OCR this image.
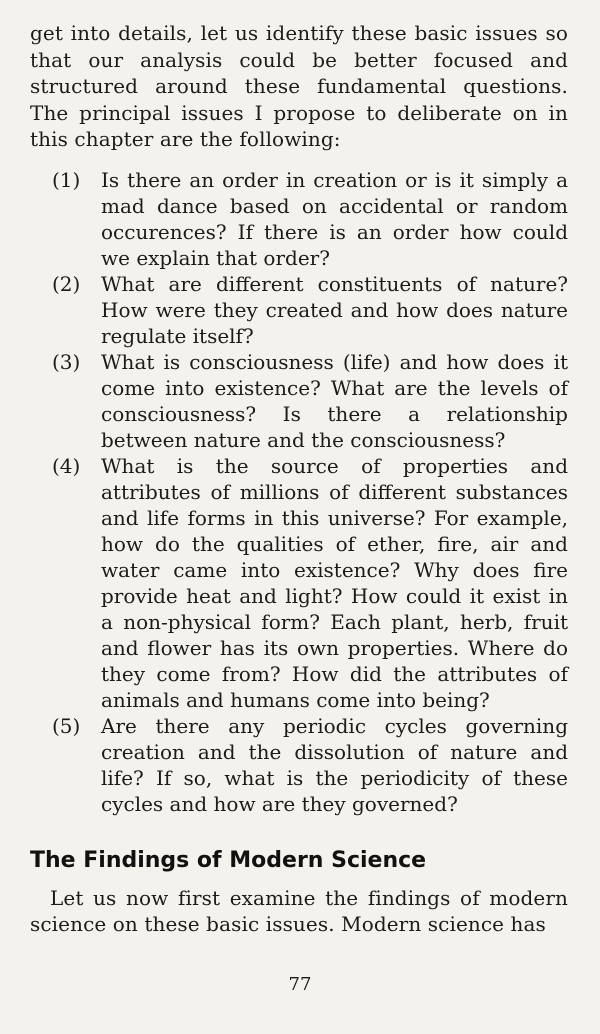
get into details, let us identify these basic issues so that our analysis could be better focused and structured around these fundamental questions. The principal issues I propose to deliberate on in this chapter are the following:

(1)	Is there an order in creation or is it simply a mad dance based on accidental or random occurences? If there is an order how could we explain that order?
(2)	What are different constituents of nature? How were they created and how does nature regulate itself?
(3)	What is consciousness (life) and how does it come into existence? What are the levels of consciousness? Is there a relationship between nature and the consciousness?
(4)	What is the source of properties and attributes of millions of different substances and life forms in this universe? For example, how do the qualities of ether, fire, air and water came into existence? Why does fire provide heat and light? How could it exist in a non-physical form? Each plant, herb, fruit and flower has its own properties. Where do they come from? How did the attributes of animals and humans come into being?
(5)	Are there any periodic cycles governing creation and the dissolution of nature and life? If so, what is the periodicity of these cycles and how are they governed?
The Findings of Modern Science

Let us now first examine the findings of modern science on these basic issues. Modern science has

77
